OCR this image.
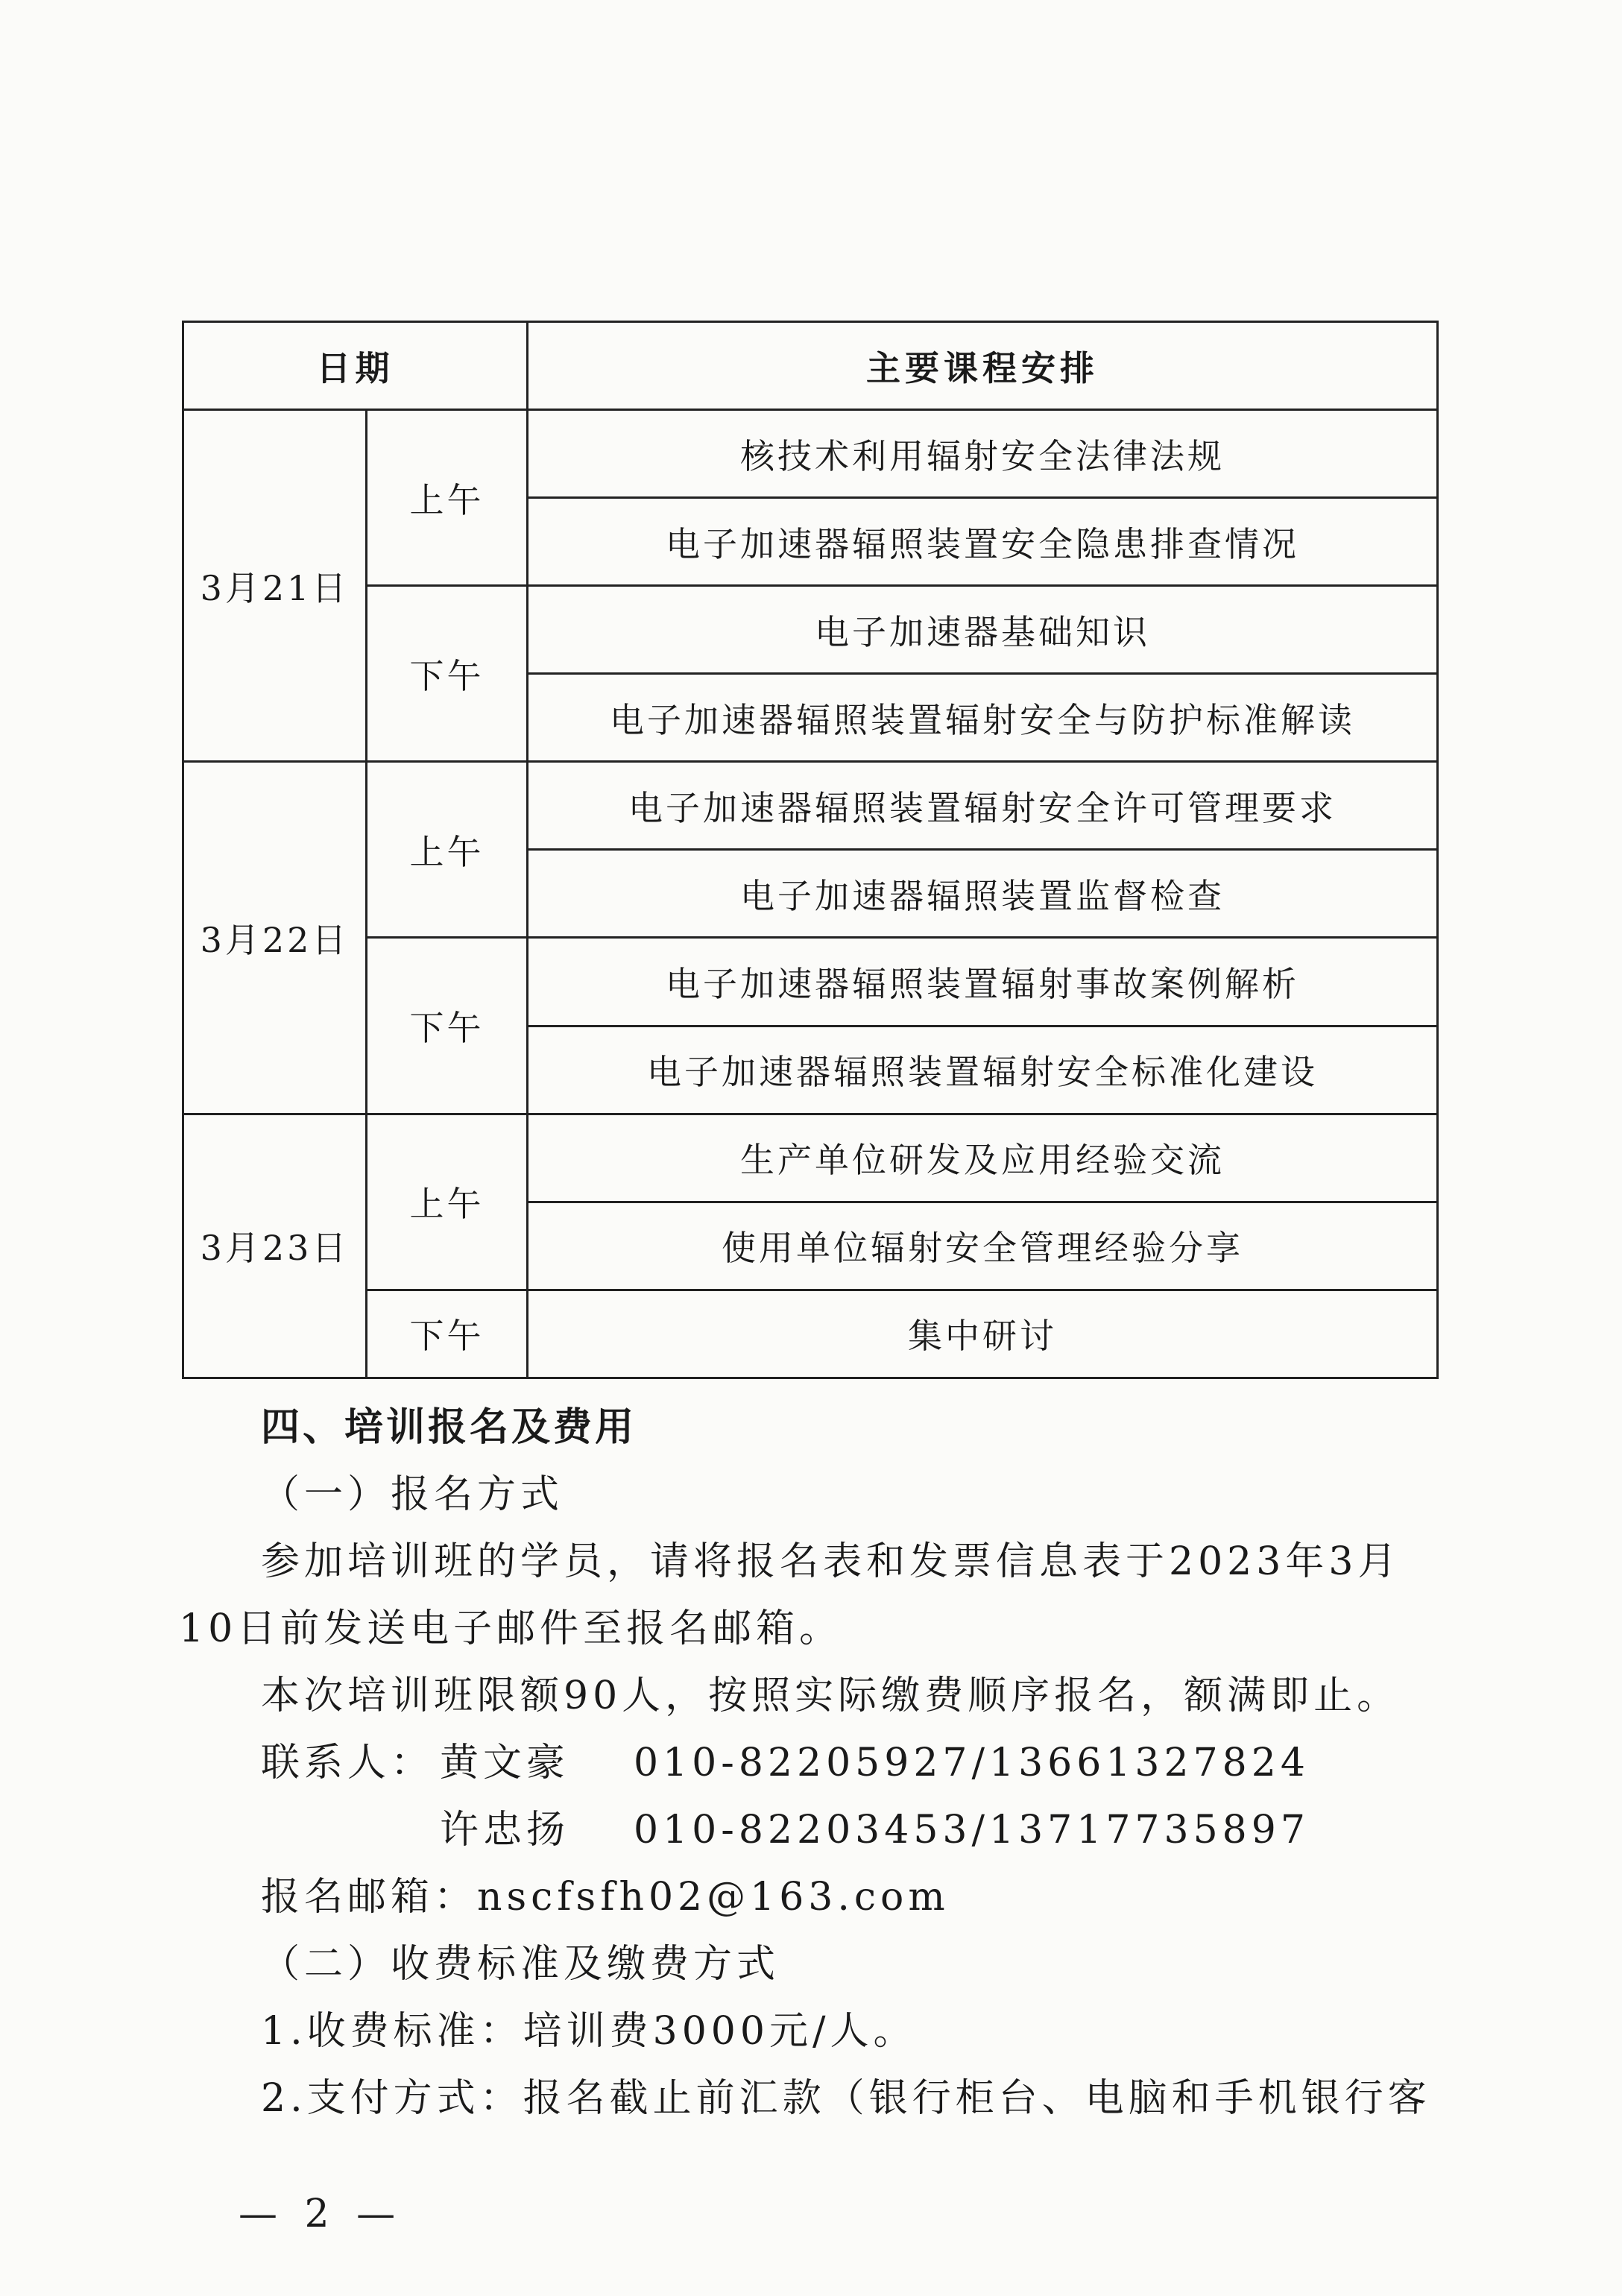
日期		主要课程安排
3月21日	上午	核技术利用辐射安全法律法规
		电子加速器辐照装置安全隐患排查情况
	下午	电子加速器基础知识
		电子加速器辐照装置辐射安全与防护标准解读
3月22日	上午	电子加速器辐照装置辐射安全许可管理要求
		电子加速器辐照装置监督检查
	下午	电子加速器辐照装置辐射事故案例解析
		电子加速器辐照装置辐射安全标准化建设
3月23日	上午	生产单位研发及应用经验交流
		使用单位辐射安全管理经验分享
	下午	集中研讨
四、培训报名及费用
（一）报名方式
参加培训班的学员，请将报名表和发票信息表于2023年3月
10日前发送电子邮件至报名邮箱。
本次培训班限额90人，按照实际缴费顺序报名，额满即止。
联系人： 黄文豪 010-82205927/13661327824
许忠扬 010-82203453/13717735897
报名邮箱：nscfsfh02@163.com
（二）收费标准及缴费方式
1.收费标准：培训费3000元/人。
2.支付方式：报名截止前汇款（银行柜台、电脑和手机银行客
— 2 —
